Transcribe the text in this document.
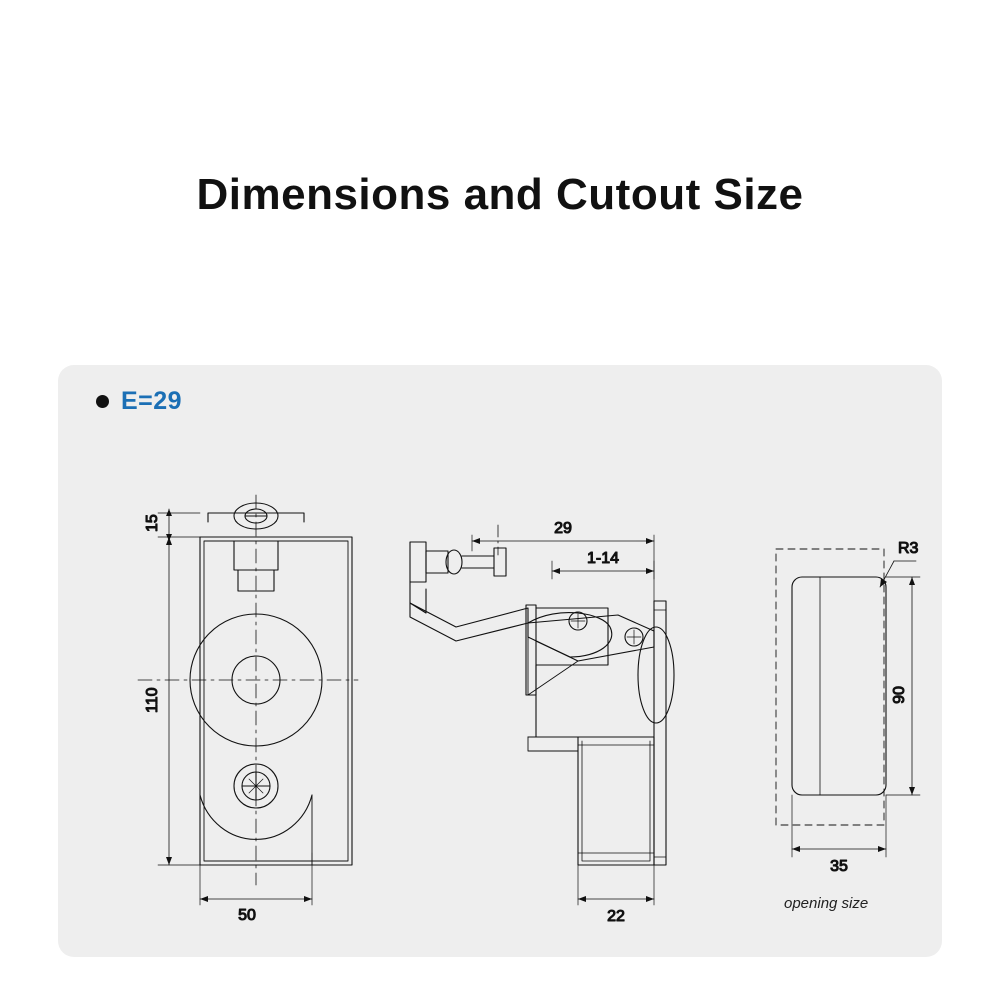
Dimensions and Cutout Size
E=29
15
110
50
29
1-14
22
R3
90
35
opening size
